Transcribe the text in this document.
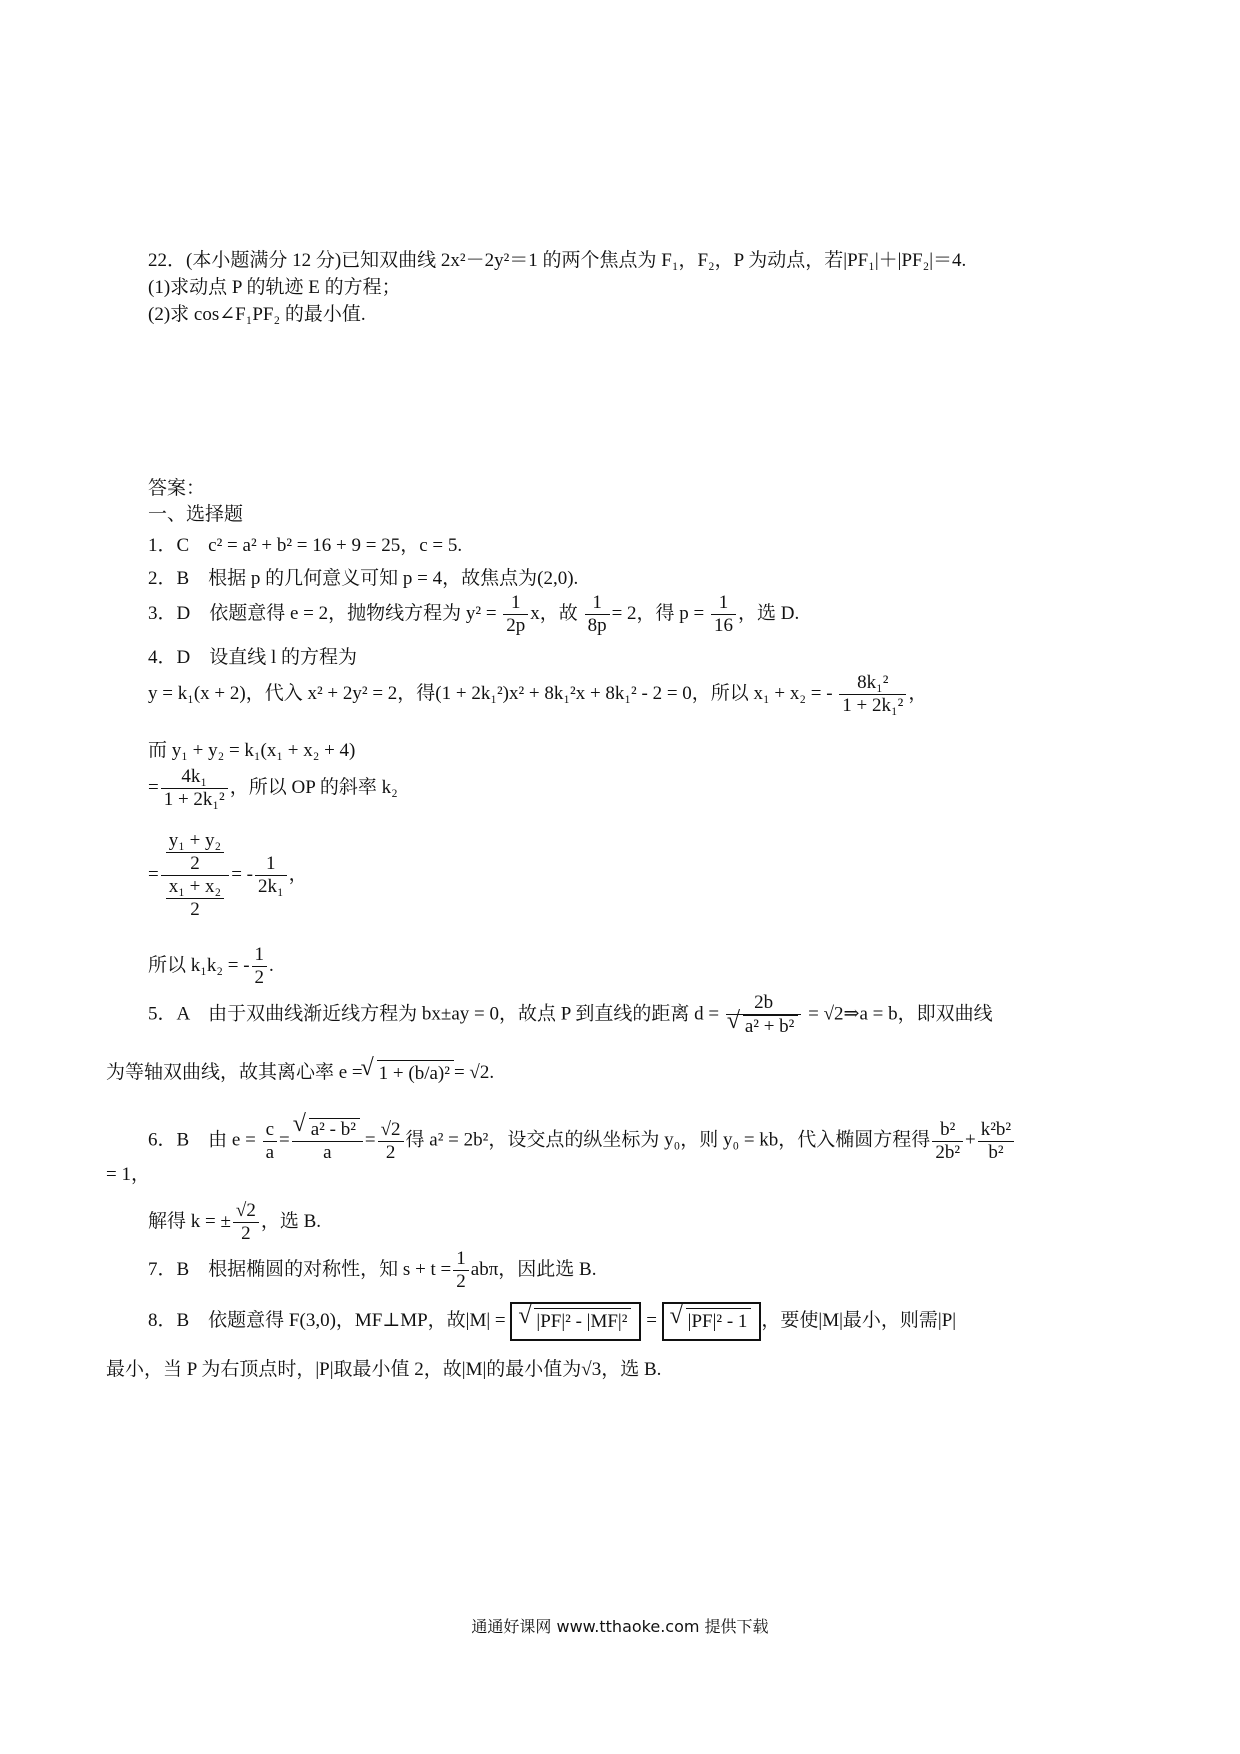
22．(本小题满分 12 分)已知双曲线 2x²－2y²＝1 的两个焦点为 F₁，F₂，P 为动点，若|PF₁|＋|PF₂|＝4.
(1)求动点 P 的轨迹 E 的方程；
(2)求 cos∠F₁PF₂ 的最小值.
答案：
一、选择题
1．C　c² = a² + b² = 16 + 9 = 25，c = 5.
2．B　根据 p 的几何意义可知 p = 4，故焦点为(2,0).
3．D　依题意得 e = 2，抛物线方程为 $y^2 = \frac{1}{2p}$ x，故 $\frac{1}{8p} = 2$，得 $p = \frac{1}{16}$ ，选 D.
4．D　设直线 l 的方程为
y = k₁(x + 2)，代入 x² + 2y² = 2，得(1 + 2k₁²)x² + 8k₁²x + 8k₁² - 2 = 0，所以 x₁ + x₂ = - $\frac{\text{8k₁²}}{\text{1 + 2k₁²}}$ ，
而 y₁ + y₂ = k₁(x₁ + x₂ + 4)
= $\frac{\text{4k₁}}{\text{1 + 2k₁²}}$ ，所以 OP 的斜率 k₂
= $\frac{\frac{\text{y₁ + y₂}}{2}}{\frac{\text{x₁ + x₂}}{2}}$ = - $\frac{1}{\text{2k₁}}$ ，
所以 k₁k₂ = - $\frac{1}{2}$ .
5．A　由于双曲线渐近线方程为 bx±ay = 0，故点 P 到直线的距离 d = 2b
√ a² + b² = √2⇒a = b，即双曲线
为等轴双曲线，故其离心率 e = √ 1 + (b/a)² = √2.
6．B　由 $e = \frac{c}{a}$ = √ $\frac{\text{a² - b²}}{a} = \frac{√2}{2}$ 得 a² = 2b²，设交点的纵坐标为 y₀，则 y₀ = kb，代入椭圆方程得 $\frac{\text{b²}}{\text{2b²}} + \frac{\text{k²b²}}{\text{b²}}$
= 1，
解得 k = ± $\frac{√2}{2}$ ，选 B.
7．B　根据椭圆的对称性，知 $s + t = \frac{1}{2}$ abπ，因此选 B.
8．B　依题意得 F(3,0)，MF⊥MP，故|M| = √ |PF|² - |MF|² = √ |PF|² - 1 ，要使|M|最小，则需|P|
最小，当 P 为右顶点时，|P|取最小值 2，故|M|的最小值为√3，选 B.
通通好课网 www.tthaoke.com 提供下载
